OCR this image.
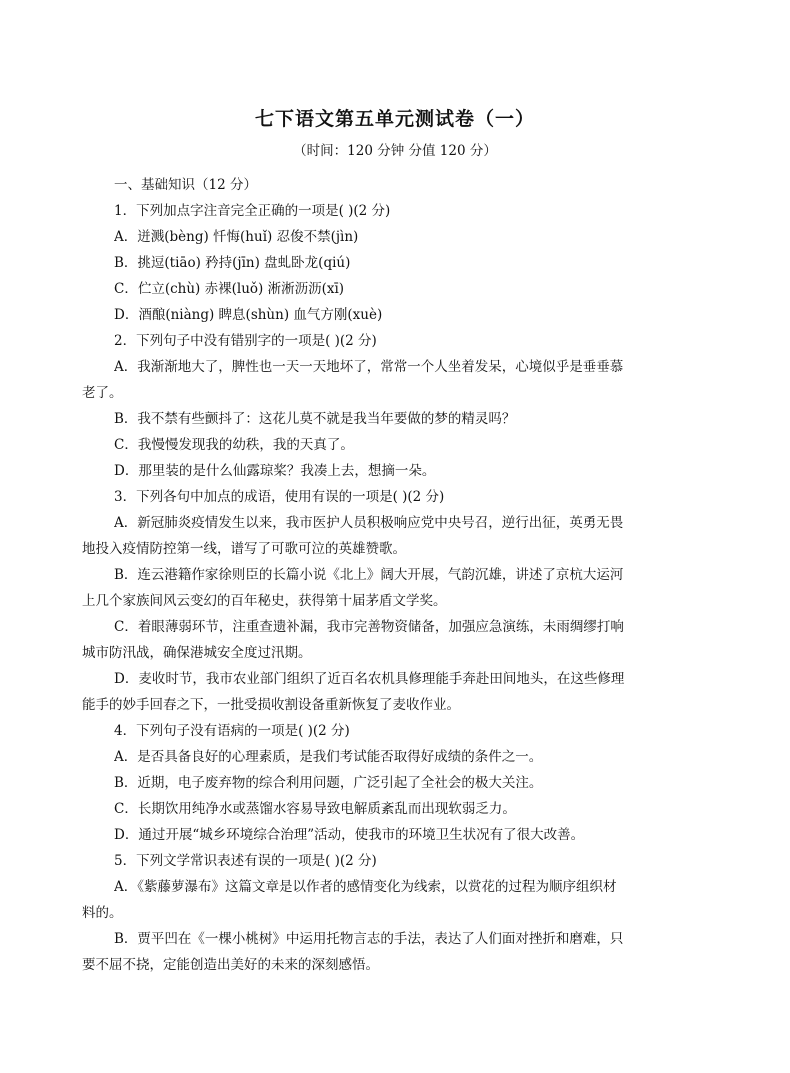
七下语文第五单元测试卷（一）
（时间：120 分钟 分值 120 分）
一、基础知识（12 分）
1．下列加点字注音完全正确的一项是( )(2 分)
A．迸溅(bèng) 忏悔(huǐ) 忍俊不禁(jìn)
B．挑逗(tiāo) 矜持(jīn) 盘虬卧龙(qiú)
C．伫立(chù) 赤裸(luǒ) 淅淅沥沥(xī)
D．酒酿(niàng) 睥息(shùn) 血气方刚(xuè)
2．下列句子中没有错别字的一项是( )(2 分)
A．我渐渐地大了，脾性也一天一天地坏了，常常一个人坐着发呆，心境似乎是垂垂慕
老了。
B．我不禁有些颤抖了：这花儿莫不就是我当年要做的梦的精灵吗？
C．我慢慢发现我的幼秩，我的天真了。
D．那里装的是什么仙露琼桨？我凑上去，想摘一朵。
3．下列各句中加点的成语，使用有误的一项是( )(2 分)
A．新冠肺炎疫情发生以来，我市医护人员积极响应党中央号召，逆行出征，英勇无畏
地投入疫情防控第一线，谱写了可歌可泣的英雄赞歌。
B．连云港籍作家徐则臣的长篇小说《北上》阔大开展，气韵沉雄，讲述了京杭大运河
上几个家族间风云变幻的百年秘史，获得第十届茅盾文学奖。
C．着眼薄弱环节，注重查遗补漏，我市完善物资储备，加强应急演练，未雨绸缪打响
城市防汛战，确保港城安全度过汛期。
D．麦收时节，我市农业部门组织了近百名农机具修理能手奔赴田间地头，在这些修理
能手的妙手回春之下，一批受损收割设备重新恢复了麦收作业。
4．下列句子没有语病的一项是( )(2 分)
A．是否具备良好的心理素质，是我们考试能否取得好成绩的条件之一。
B．近期，电子废弃物的综合利用问题，广泛引起了全社会的极大关注。
C．长期饮用纯净水或蒸馏水容易导致电解质紊乱而出现软弱乏力。
D．通过开展“城乡环境综合治理”活动，使我市的环境卫生状况有了很大改善。
5．下列文学常识表述有误的一项是( )(2 分)
A．《紫藤萝瀑布》这篇文章是以作者的感情变化为线索，以赏花的过程为顺序组织材
料的。
B．贾平凹在《一棵小桃树》中运用托物言志的手法，表达了人们面对挫折和磨难，只
要不屈不挠，定能创造出美好的未来的深刻感悟。
